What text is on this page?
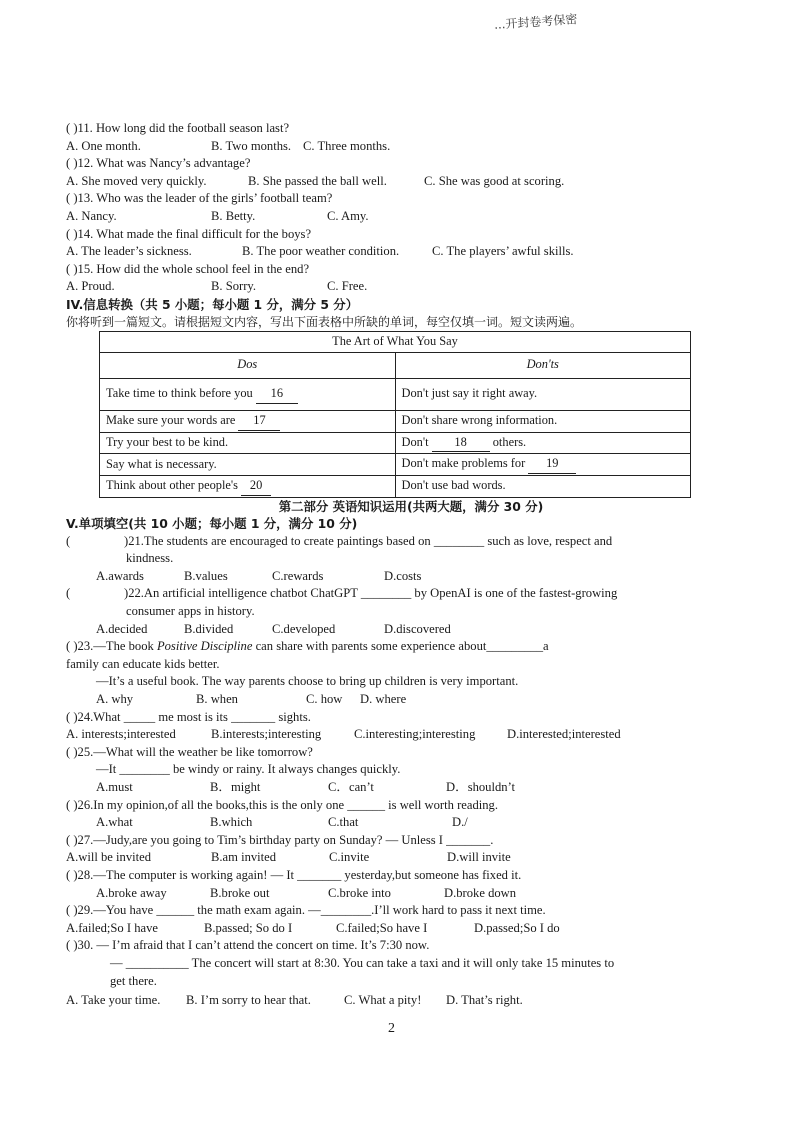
...开封卷考保密
( )11. How long did the football season last?
A. One month.	B. Two months. C. Three months.
( )12. What was Nancy’s advantage?
A. She moved very quickly.	B. She passed the ball well.	C. She was good at scoring.
( )13. Who was the leader of the girls’ football team?
A. Nancy.	B. Betty.	C. Amy.
( )14. What made the final difficult for the boys?
A. The leader’s sickness.	B. The poor weather condition.	C. The players’ awful skills.
( )15. How did the whole school feel in the end?
A. Proud.	B. Sorry.	C. Free.
IV.信息转换（共 5 小题；每小题 1 分，满分 5 分）
你将听到一篇短文。请根据短文内容，写出下面表格中所缺的单词，每空仅填一词。短文读两遍。
The Art of What You Say	
Dos	Don'ts
Take time to think before you 16	Don't just say it right away.
Make sure your words are 17	Don't share wrong information.
Try your best to be kind.	Don't 18 others.
Say what is necessary.	Don't make problems for 19
Think about other people's 20	Don't use bad words.
第二部分 英语知识运用(共两大题，满分 30 分)
V.单项填空(共 10 小题；每小题 1 分，满分 10 分)
(	)21.The students are encouraged to create paintings based on ________ such as love, respect and
kindness.
A.awards	B.values	C.rewards	D.costs
(	)22.An artificial intelligence chatbot ChatGPT ________ by OpenAI is one of the fastest-growing
consumer apps in history.
A.decided	B.divided	C.developed	D.discovered
( )23.—The book Positive Discipline can share with parents some experience about_________a
family can educate kids better.
—It’s a useful book. The way parents choose to bring up children is very important.
A. why	B. when	C. how	D. where
( )24.What _____ me most is its _______ sights.
A. interests;interested	B.interests;interesting	C.interesting;interesting	D.interested;interested
( )25.—What will the weather be like tomorrow?
—It ________ be windy or rainy. It always changes quickly.
A.must	B．might	C．can’t	D．shouldn’t
( )26.In my opinion,of all the books,this is the only one ______ is well worth reading.
A.what	B.which	C.that	D./
( )27.—Judy,are you going to Tim’s birthday party on Sunday? — Unless I _______.
A.will be invited	B.am invited	C.invite	D.will invite
( )28.—The computer is working again! — It _______ yesterday,but someone has fixed it.
A.broke away	B.broke out	C.broke into	D.broke down
( )29.—You have ______ the math exam again. —________.I’ll work hard to pass it next time.
A.failed;So I have	B.passed; So do I	C.failed;So have I	D.passed;So I do
( )30. — I’m afraid that I can’t attend the concert on time. It’s 7:30 now.
— __________ The concert will start at 8:30. You can take a taxi and it will only take 15 minutes to
get there.
A. Take your time.	B. I’m sorry to hear that.	C. What a pity!	D. That’s right.
2
